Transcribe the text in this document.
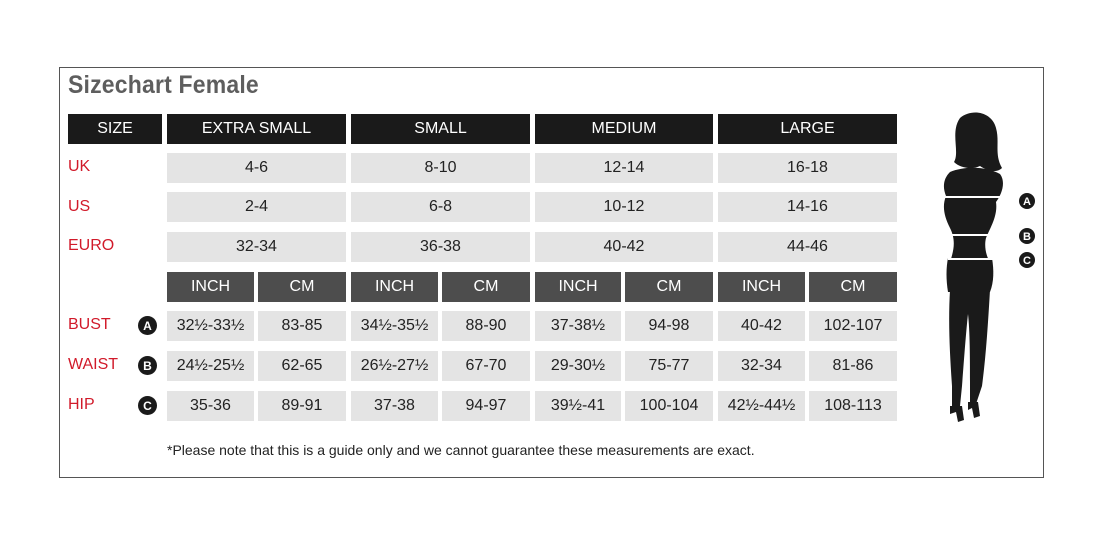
Sizechart Female
SIZE	EXTRA SMALL	SMALL	MEDIUM	LARGE
UK	4-6	8-10	12-14	16-18
US	2-4	6-8	10-12	14-16
EURO	32-34	36-38	40-42	44-46
INCH	CM	INCH	CM	INCH	CM	INCH	CM
BUST	A	32½-33½	83-85	34½-35½	88-90	37-38½	94-98	40-42	102-107
WAIST	B	24½-25½	62-65	26½-27½	67-70	29-30½	75-77	32-34	81-86
HIP	C	35-36	89-91	37-38	94-97	39½-41	100-104	42½-44½	108-113
*Please note that this is a guide only and we cannot guarantee these measurements are exact.
A
B
C
